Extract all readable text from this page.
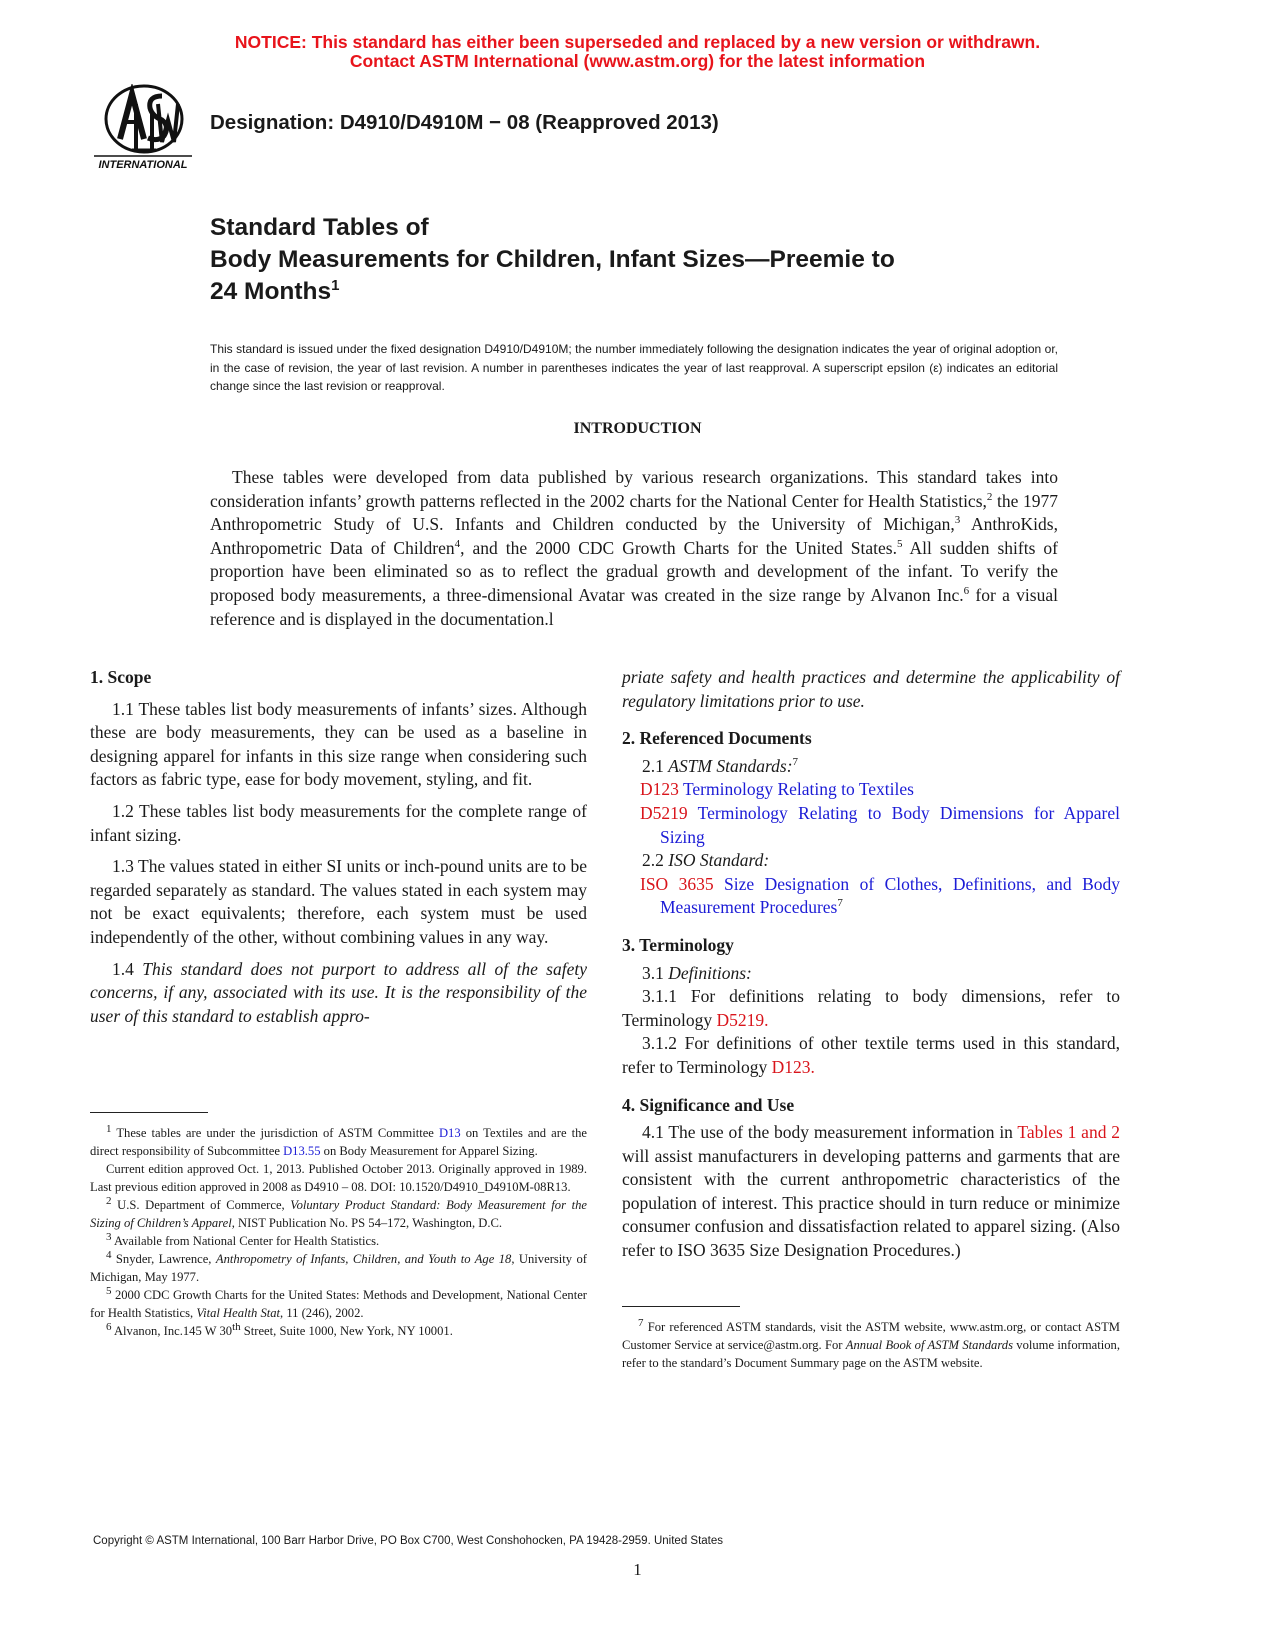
NOTICE: This standard has either been superseded and replaced by a new version or withdrawn.
Contact ASTM International (www.astm.org) for the latest information
INTERNATIONAL
Designation: D4910/D4910M − 08 (Reapproved 2013)
Standard Tables of
Body Measurements for Children, Infant Sizes—Preemie to
24 Months$^1$
This standard is issued under the fixed designation D4910/D4910M; the number immediately following the designation indicates the year of original adoption or, in the case of revision, the year of last revision. A number in parentheses indicates the year of last reapproval. A superscript epsilon (ε) indicates an editorial change since the last revision or reapproval.
INTRODUCTION

These tables were developed from data published by various research organizations. This standard takes into consideration infants’ growth patterns reflected in the 2002 charts for the National Center for Health Statistics,$^2$ the 1977 Anthropometric Study of U.S. Infants and Children conducted by the University of Michigan,$^3$ AnthroKids, Anthropometric Data of Children$^4$, and the 2000 CDC Growth Charts for the United States.$^5$ All sudden shifts of proportion have been eliminated so as to reflect the gradual growth and development of the infant. To verify the proposed body measurements, a three-dimensional Avatar was created in the size range by Alvanon Inc.$^6$ for a visual reference and is displayed in the documentation.l

1. Scope

1.1 These tables list body measurements of infants’ sizes. Although these are body measurements, they can be used as a baseline in designing apparel for infants in this size range when considering such factors as fabric type, ease for body movement, styling, and fit.

1.2 These tables list body measurements for the complete range of infant sizing.

1.3 The values stated in either SI units or inch-pound units are to be regarded separately as standard. The values stated in each system may not be exact equivalents; therefore, each system must be used independently of the other, without combining values in any way.

1.4 This standard does not purport to address all of the safety concerns, if any, associated with its use. It is the responsibility of the user of this standard to establish appro-

$^1$ These tables are under the jurisdiction of ASTM Committee D13 on Textiles and are the direct responsibility of Subcommittee D13.55 on Body Measurement for Apparel Sizing.

Current edition approved Oct. 1, 2013. Published October 2013. Originally approved in 1989. Last previous edition approved in 2008 as D4910 – 08. DOI: 10.1520/D4910_D4910M-08R13.

$^2$ U.S. Department of Commerce, Voluntary Product Standard: Body Measurement for the Sizing of Children’s Apparel, NIST Publication No. PS 54–172, Washington, D.C.

$^3$ Available from National Center for Health Statistics.

$^4$ Snyder, Lawrence, Anthropometry of Infants, Children, and Youth to Age 18, University of Michigan, May 1977.

$^5$ 2000 CDC Growth Charts for the United States: Methods and Development, National Center for Health Statistics, Vital Health Stat, 11 (246), 2002.

$^6$ Alvanon, Inc.145 W 30th Street, Suite 1000, New York, NY 10001.

priate safety and health practices and determine the applicability of regulatory limitations prior to use.

2. Referenced Documents

2.1 ASTM Standards:$^7$

D123 Terminology Relating to Textiles

D5219 Terminology Relating to Body Dimensions for Apparel Sizing

2.2 ISO Standard:

ISO 3635 Size Designation of Clothes, Definitions, and Body Measurement Procedures$^7$

3. Terminology

3.1 Definitions:

3.1.1 For definitions relating to body dimensions, refer to Terminology D5219.

3.1.2 For definitions of other textile terms used in this standard, refer to Terminology D123.

4. Significance and Use

4.1 The use of the body measurement information in Tables 1 and 2 will assist manufacturers in developing patterns and garments that are consistent with the current anthropometric characteristics of the population of interest. This practice should in turn reduce or minimize consumer confusion and dissatisfaction related to apparel sizing. (Also refer to ISO 3635 Size Designation Procedures.)

$^7$ For referenced ASTM standards, visit the ASTM website, www.astm.org, or contact ASTM Customer Service at service@astm.org. For Annual Book of ASTM Standards volume information, refer to the standard’s Document Summary page on the ASTM website.

Copyright © ASTM International, 100 Barr Harbor Drive, PO Box C700, West Conshohocken, PA 19428-2959. United States
1
